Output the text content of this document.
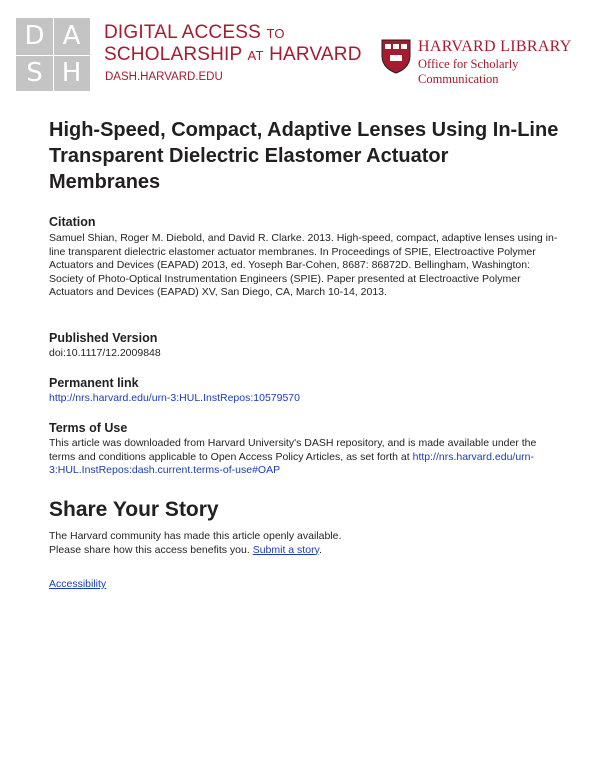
D A
S H
DIGITAL ACCESS TO
SCHOLARSHIP AT HARVARD
DASH.HARVARD.EDU
HARVARD LIBRARY
Office for Scholarly Communication
High-Speed, Compact, Adaptive Lenses Using In-Line Transparent Dielectric Elastomer Actuator Membranes
Citation
Samuel Shian, Roger M. Diebold, and David R. Clarke. 2013. High-speed, compact, adaptive lenses using in-line transparent dielectric elastomer actuator membranes. In Proceedings of SPIE, Electroactive Polymer Actuators and Devices (EAPAD) 2013, ed. Yoseph Bar-Cohen, 8687: 86872D. Bellingham, Washington: Society of Photo-Optical Instrumentation Engineers (SPIE). Paper presented at Electroactive Polymer Actuators and Devices (EAPAD) XV, San Diego, CA, March 10-14, 2013.
Published Version
doi:10.1117/12.2009848
Permanent link
http://nrs.harvard.edu/urn-3:HUL.InstRepos:10579570
Terms of Use
This article was downloaded from Harvard University's DASH repository, and is made available under the terms and conditions applicable to Open Access Policy Articles, as set forth at http://nrs.harvard.edu/urn-3:HUL.InstRepos:dash.current.terms-of-use#OAP
Share Your Story
The Harvard community has made this article openly available.
Please share how this access benefits you. Submit a story.
Accessibility
